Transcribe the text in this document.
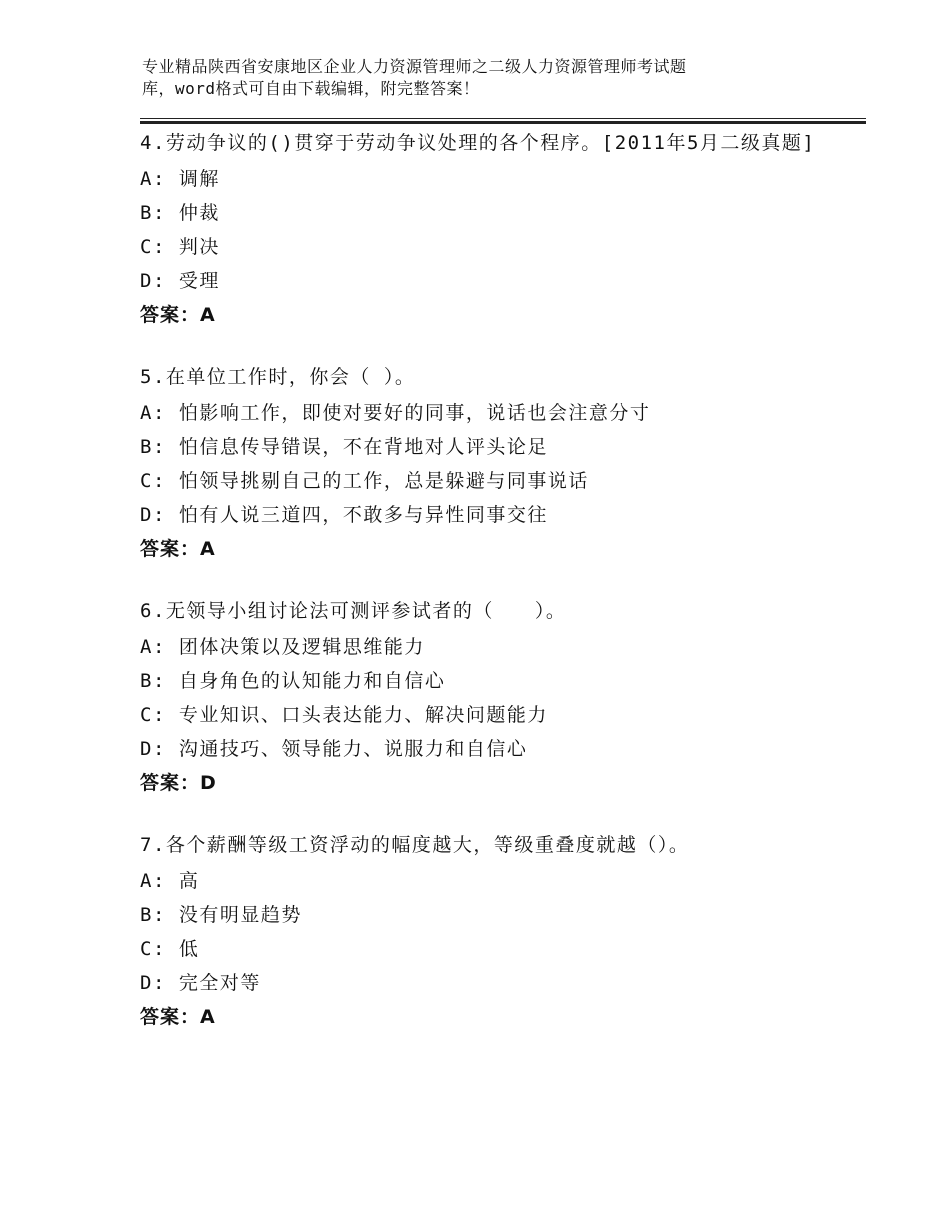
专业精品陕西省安康地区企业人力资源管理师之二级人力资源管理师考试题
库，word格式可自由下载编辑，附完整答案！
4.劳动争议的()贯穿于劳动争议处理的各个程序。[2011年5月二级真题]
A: 调解
B: 仲裁
C: 判决
D: 受理
答案：A
5.在单位工作时，你会（ ）。
A: 怕影响工作，即使对要好的同事，说话也会注意分寸
B: 怕信息传导错误，不在背地对人评头论足
C: 怕领导挑剔自己的工作，总是躲避与同事说话
D: 怕有人说三道四，不敢多与异性同事交往
答案：A
6.无领导小组讨论法可测评参试者的（　　）。
A: 团体决策以及逻辑思维能力
B: 自身角色的认知能力和自信心
C: 专业知识、口头表达能力、解决问题能力
D: 沟通技巧、领导能力、说服力和自信心
答案：D
7.各个薪酬等级工资浮动的幅度越大，等级重叠度就越（）。
A: 高
B: 没有明显趋势
C: 低
D: 完全对等
答案：A
